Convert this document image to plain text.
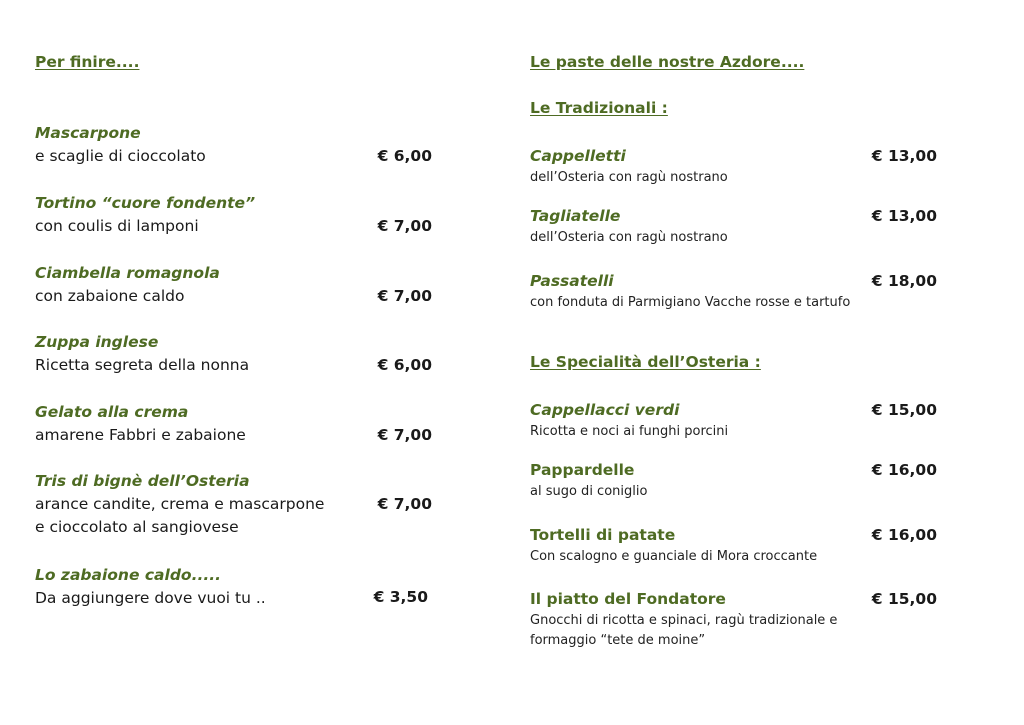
Per finire....
Mascarpone
e scaglie di cioccolato	€ 6,00
Tortino “cuore fondente”
con coulis di lamponi	€ 7,00
Ciambella romagnola
con zabaione caldo	€ 7,00
Zuppa inglese
Ricetta segreta della nonna	€ 6,00
Gelato alla crema
amarene Fabbri e zabaione	€ 7,00
Tris di bignè dell’Osteria
arance candite, crema e mascarpone
e cioccolato al sangiovese
€ 7,00
Lo zabaione caldo.....
Da aggiungere dove vuoi tu ..	€ 3,50
Le paste delle nostre Azdore....
Le Tradizionali :
Cappelletti
dell’Osteria con ragù nostrano
€ 13,00
Tagliatelle
dell’Osteria con ragù nostrano
€ 13,00
Passatelli
con fonduta di Parmigiano Vacche rosse e tartufo
€ 18,00
Le Specialità dell’Osteria :
Cappellacci verdi
Ricotta e noci ai funghi porcini
€ 15,00
Pappardelle
al sugo di coniglio
€ 16,00
Tortelli di patate
Con scalogno e guanciale di Mora croccante
€ 16,00
Il piatto del Fondatore
Gnocchi di ricotta e spinaci, ragù tradizionale e
formaggio “tete de moine”
€ 15,00
